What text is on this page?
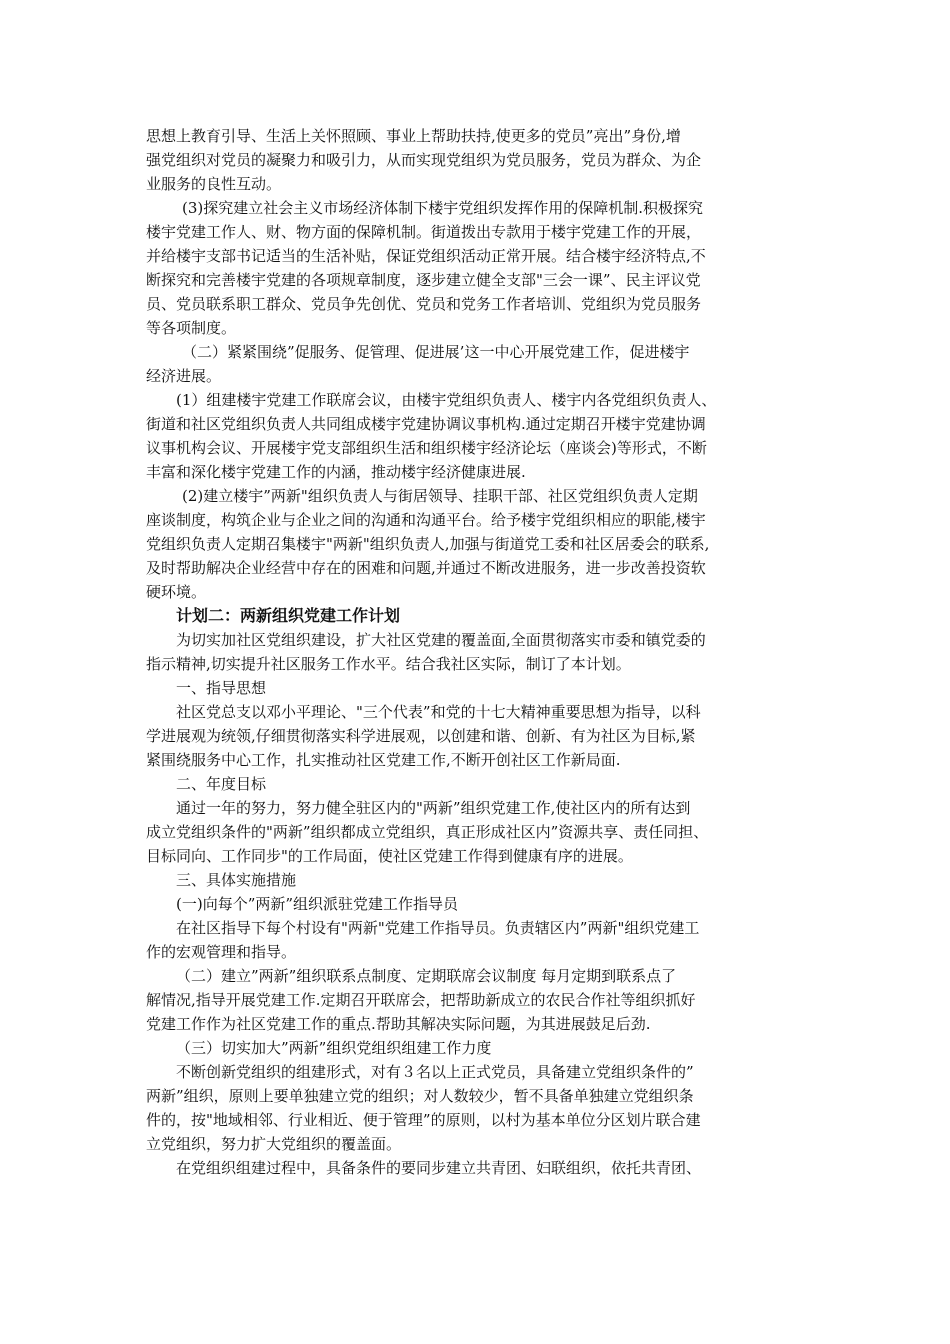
思想上教育引导、生活上关怀照顾、事业上帮助扶持,使更多的党员”亮出”身份,增
强党组织对党员的凝聚力和吸引力，从而实现党组织为党员服务，党员为群众、为企
业服务的良性互动。
(3)探究建立社会主义市场经济体制下楼宇党组织发挥作用的保障机制.积极探究
楼宇党建工作人、财、物方面的保障机制。街道拨出专款用于楼宇党建工作的开展，
并给楼宇支部书记适当的生活补贴，保证党组织活动正常开展。结合楼宇经济特点,不
断探究和完善楼宇党建的各项规章制度，逐步建立健全支部"三会一课”、民主评议党
员、党员联系职工群众、党员争先创优、党员和党务工作者培训、党组织为党员服务
等各项制度。
（二）紧紧围绕”促服务、促管理、促进展’这一中心开展党建工作，促进楼宇
经济进展。
(1）组建楼宇党建工作联席会议，由楼宇党组织负责人、楼宇内各党组织负责人、
街道和社区党组织负责人共同组成楼宇党建协调议事机构.通过定期召开楼宇党建协调
议事机构会议、开展楼宇党支部组织生活和组织楼宇经济论坛（座谈会)等形式，不断
丰富和深化楼宇党建工作的内涵，推动楼宇经济健康进展.
(2)建立楼宇”两新"组织负责人与街居领导、挂职干部、社区党组织负责人定期
座谈制度，构筑企业与企业之间的沟通和沟通平台。给予楼宇党组织相应的职能,楼宇
党组织负责人定期召集楼宇"两新"组织负责人,加强与街道党工委和社区居委会的联系,
及时帮助解决企业经营中存在的困难和问题,并通过不断改进服务，进一步改善投资软
硬环境。
计划二：两新组织党建工作计划
为切实加社区党组织建设，扩大社区党建的覆盖面,全面贯彻落实市委和镇党委的
指示精神,切实提升社区服务工作水平。结合我社区实际，制订了本计划。
一、指导思想
社区党总支以邓小平理论、"三个代表”和党的十七大精神重要思想为指导，以科
学进展观为统领,仔细贯彻落实科学进展观，以创建和谐、创新、有为社区为目标,紧
紧围绕服务中心工作，扎实推动社区党建工作,不断开创社区工作新局面.
二、年度目标
通过一年的努力，努力健全驻区内的"两新”组织党建工作,使社区内的所有达到
成立党组织条件的"两新”组织都成立党组织，真正形成社区内”资源共享、责任同担、
目标同向、工作同步"的工作局面，使社区党建工作得到健康有序的进展。
三、具体实施措施
(一)向每个”两新”组织派驻党建工作指导员
在社区指导下每个村设有"两新"党建工作指导员。负责辖区内”两新"组织党建工
作的宏观管理和指导。
（二）建立”两新”组织联系点制度、定期联席会议制度 每月定期到联系点了
解情况,指导开展党建工作.定期召开联席会，把帮助新成立的农民合作社等组织抓好
党建工作作为社区党建工作的重点.帮助其解决实际问题，为其进展鼓足后劲.
（三）切实加大”两新”组织党组织组建工作力度
不断创新党组织的组建形式，对有３名以上正式党员，具备建立党组织条件的”
两新”组织，原则上要单独建立党的组织；对人数较少，暂不具备单独建立党组织条
件的，按"地域相邻、行业相近、便于管理”的原则，以村为基本单位分区划片联合建
立党组织，努力扩大党组织的覆盖面。
在党组织组建过程中，具备条件的要同步建立共青团、妇联组织，依托共青团、
